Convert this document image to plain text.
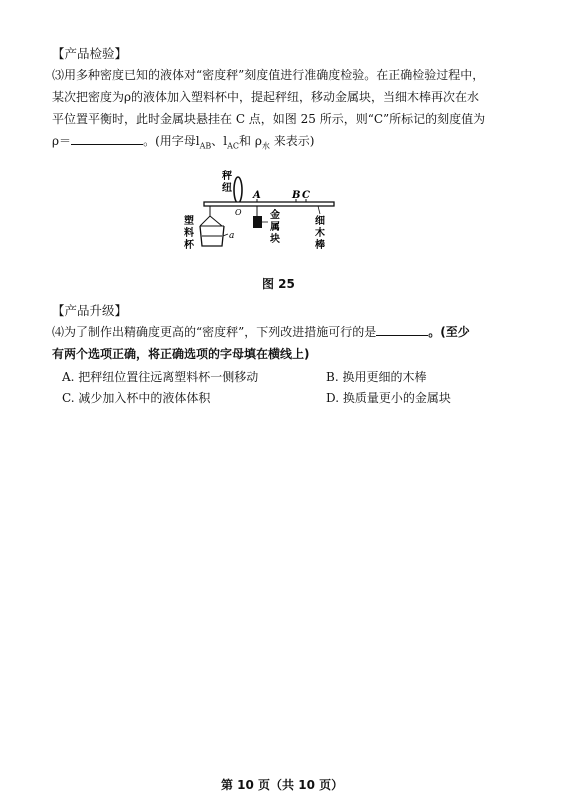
【产品检验】
⑶用多种密度已知的液体对“密度秤”刻度值进行准确度检验。在正确检验过程中，
某次把密度为ρ的液体加入塑料杯中，提起秤纽，移动金属块，当细木棒再次在水
平位置平衡时，此时金属块悬挂在 C 点，如图 25 所示，则“C”所标记的刻度值为
ρ＝	。(用字母$l_{AB}$、$l_{AC}$和 $\rho_水$ 来表示)
秤
纽
A	B C
O
a
塑
料
杯
金
属
块
细
木
棒
图 25
【产品升级】
⑷为了制作出精确度更高的“密度秤”，下列改进措施可行的是	。(至少
有两个选项正确，将正确选项的字母填在横线上)
A. 把秤纽位置往远离塑料杯一侧移动	B. 换用更细的木棒
C. 减少加入杯中的液体体积	D. 换质量更小的金属块
第 10 页（共 10 页）
